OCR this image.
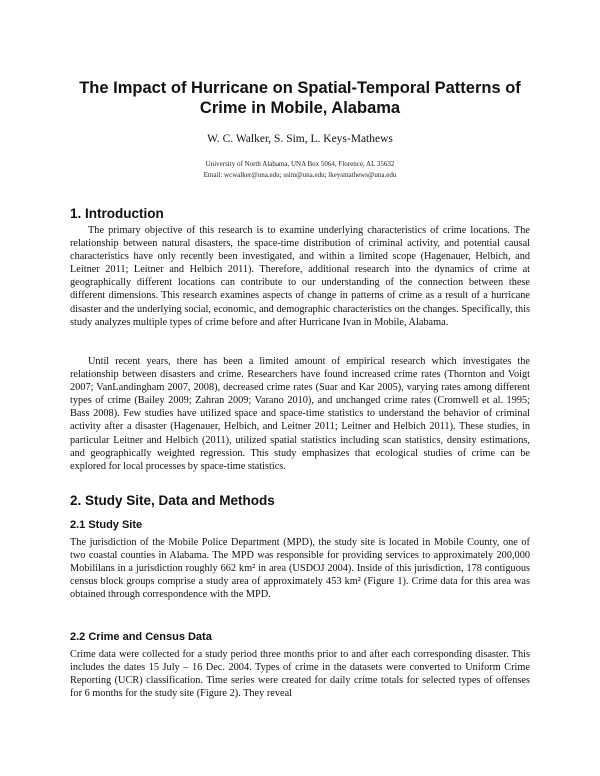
The Impact of Hurricane on Spatial-Temporal Patterns of Crime in Mobile, Alabama
W. C. Walker, S. Sim, L. Keys-Mathews
University of North Alabama, UNA Box 5064, Florence, AL 35632
Email: wcwalker@una.edu; ssim@una.edu; lkeysmathews@una.edu
1. Introduction

The primary objective of this research is to examine underlying characteristics of crime locations. The relationship between natural disasters, the space-time distribution of criminal activity, and potential causal characteristics have only recently been investigated, and within a limited scope (Hagenauer, Helbich, and Leitner 2011; Leitner and Helbich 2011). Therefore, additional research into the dynamics of crime at geographically different locations can contribute to our understanding of the connection between these different dimensions. This research examines aspects of change in patterns of crime as a result of a hurricane disaster and the underlying social, economic, and demographic characteristics on the changes. Specifically, this study analyzes multiple types of crime before and after Hurricane Ivan in Mobile, Alabama.

Until recent years, there has been a limited amount of empirical research which investigates the relationship between disasters and crime. Researchers have found increased crime rates (Thornton and Voigt 2007; VanLandingham 2007, 2008), decreased crime rates (Suar and Kar 2005), varying rates among different types of crime (Bailey 2009; Zahran 2009; Varano 2010), and unchanged crime rates (Cromwell et al. 1995; Bass 2008). Few studies have utilized space and space-time statistics to understand the behavior of criminal activity after a disaster (Hagenauer, Helbich, and Leitner 2011; Leitner and Helbich 2011). These studies, in particular Leitner and Helbich (2011), utilized spatial statistics including scan statistics, density estimations, and geographically weighted regression. This study emphasizes that ecological studies of crime can be explored for local processes by space-time statistics.

2. Study Site, Data and Methods
2.1 Study Site

The jurisdiction of the Mobile Police Department (MPD), the study site is located in Mobile County, one of two coastal counties in Alabama. The MPD was responsible for providing services to approximately 200,000 Mobililans in a jurisdiction roughly 662 km² in area (USDOJ 2004). Inside of this jurisdiction, 178 contiguous census block groups comprise a study area of approximately 453 km² (Figure 1). Crime data for this area was obtained through correspondence with the MPD.

2.2 Crime and Census Data

Crime data were collected for a study period three months prior to and after each corresponding disaster. This includes the dates 15 July – 16 Dec. 2004. Types of crime in the datasets were converted to Uniform Crime Reporting (UCR) classification. Time series were created for daily crime totals for selected types of offenses for 6 months for the study site (Figure 2). They reveal
